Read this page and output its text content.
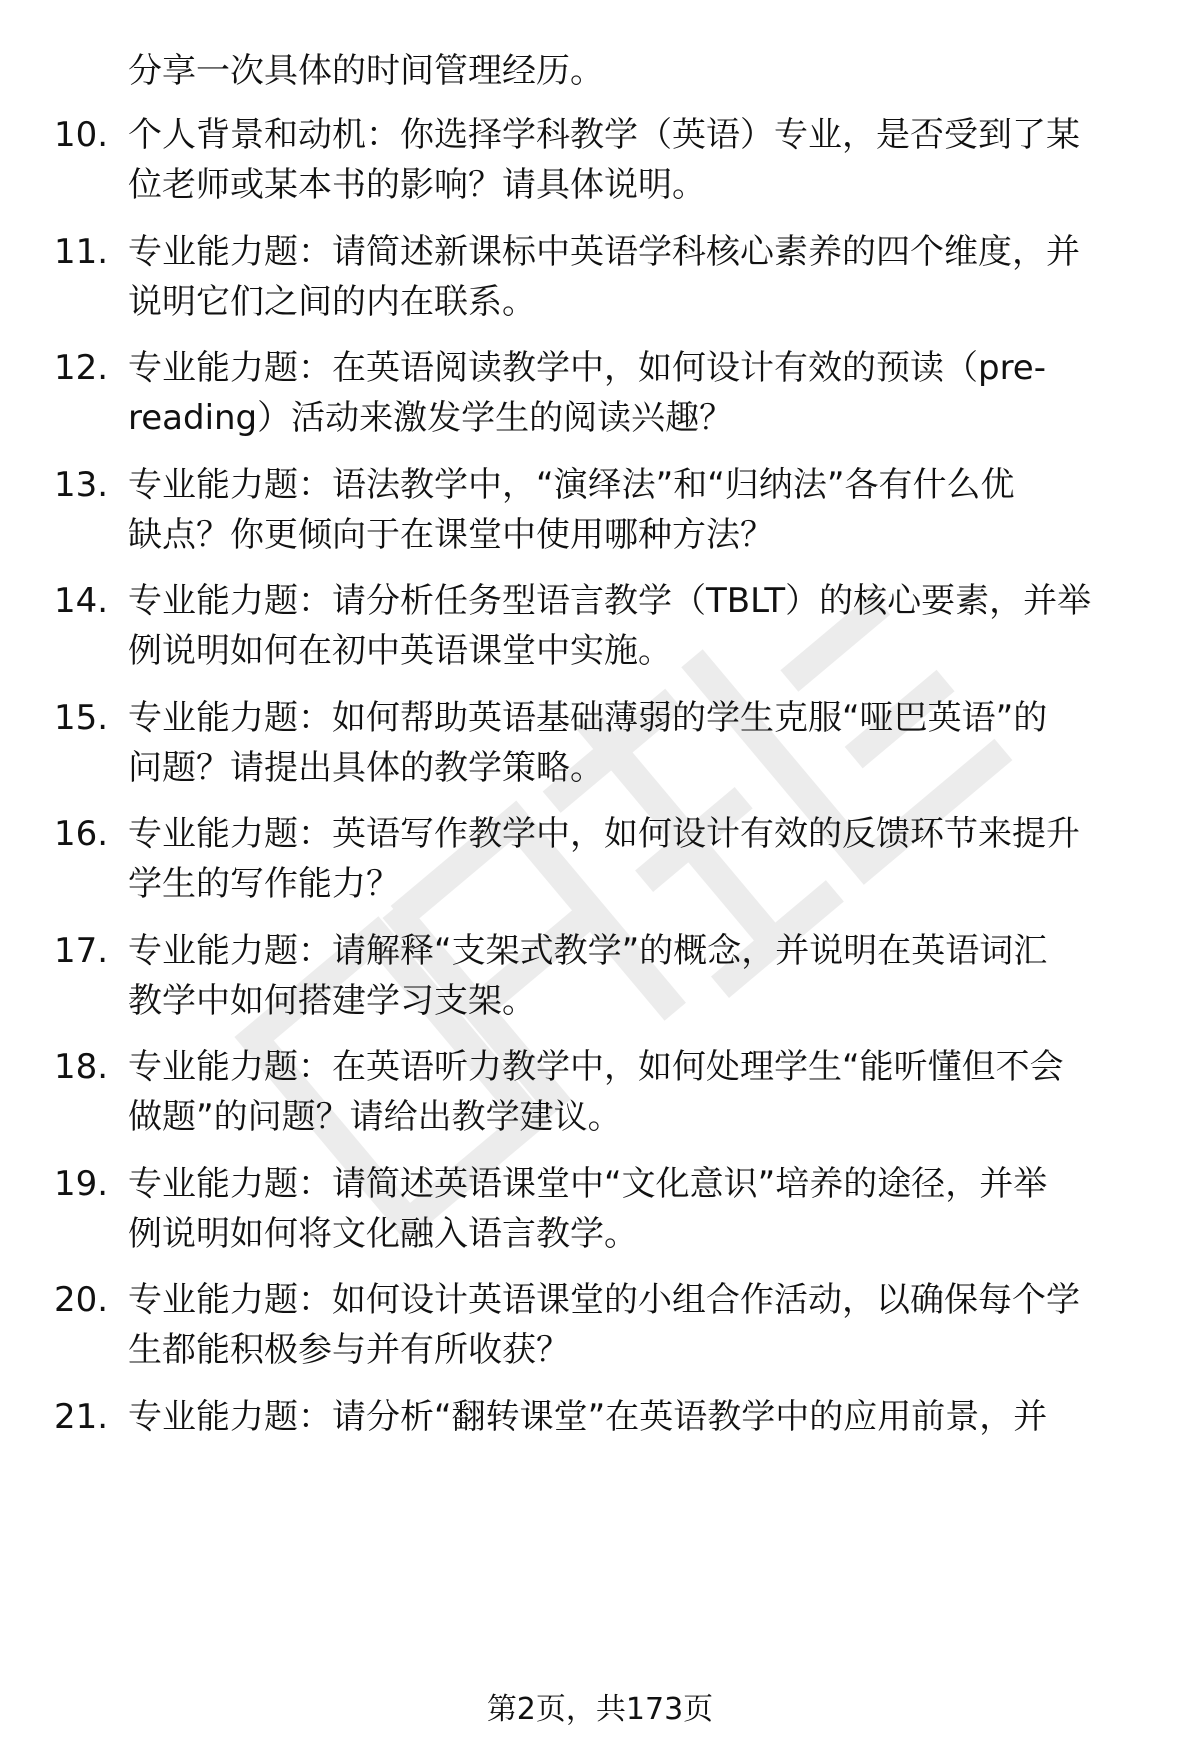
分享一次具体的时间管理经历。

10. 个人背景和动机：你选择学科教学（英语）专业，是否受到了某
位老师或某本书的影响？请具体说明。

11. 专业能力题：请简述新课标中英语学科核心素养的四个维度，并
说明它们之间的内在联系。

12. 专业能力题：在英语阅读教学中，如何设计有效的预读（pre-
reading）活动来激发学生的阅读兴趣？

13. 专业能力题：语法教学中，“演绎法”和“归纳法”各有什么优
缺点？你更倾向于在课堂中使用哪种方法？

14. 专业能力题：请分析任务型语言教学（TBLT）的核心要素，并举
例说明如何在初中英语课堂中实施。

15. 专业能力题：如何帮助英语基础薄弱的学生克服“哑巴英语”的
问题？请提出具体的教学策略。

16. 专业能力题：英语写作教学中，如何设计有效的反馈环节来提升
学生的写作能力？

17. 专业能力题：请解释“支架式教学”的概念，并说明在英语词汇
教学中如何搭建学习支架。

18. 专业能力题：在英语听力教学中，如何处理学生“能听懂但不会
做题”的问题？请给出教学建议。

19. 专业能力题：请简述英语课堂中“文化意识”培养的途径，并举
例说明如何将文化融入语言教学。

20. 专业能力题：如何设计英语课堂的小组合作活动，以确保每个学
生都能积极参与并有所收获？

21. 专业能力题：请分析“翻转课堂”在英语教学中的应用前景，并

第2页，共173页
